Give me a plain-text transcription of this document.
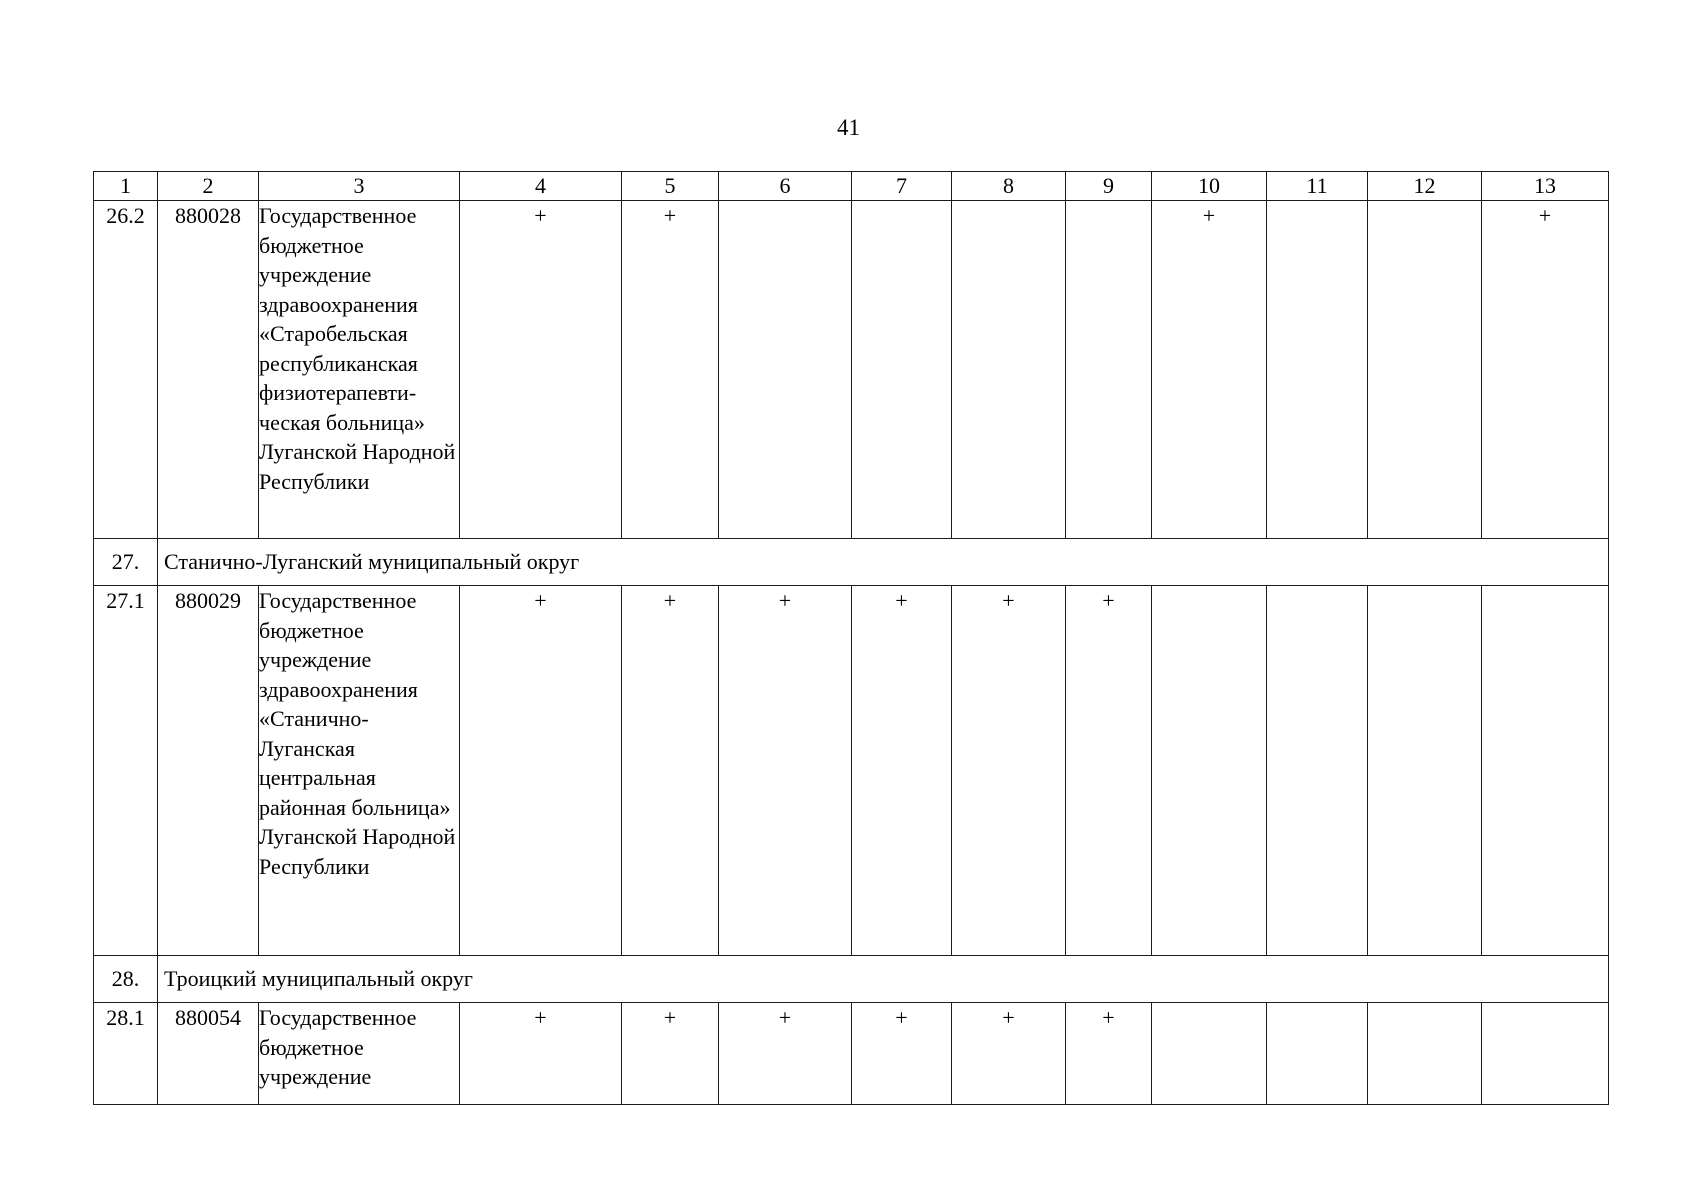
41
1	2	3	4	5	6	7	8	9	10	11	12	13
26.2	880028	Государственное бюджетное учреждение здравоохранения «Старобельская республиканская физиотерапевти-ческая больница» Луганской Народной Республики	+	+					+			+
27.	Станично-Луганский муниципальный округ											
27.1	880029	Государственное бюджетное учреждение здравоохранения «Станично-Луганская центральная районная больница» Луганской Народной Республики	+	+	+	+	+	+				
28.	Троицкий муниципальный округ											
28.1	880054	Государственное бюджетное учреждение	+	+	+	+	+	+				
